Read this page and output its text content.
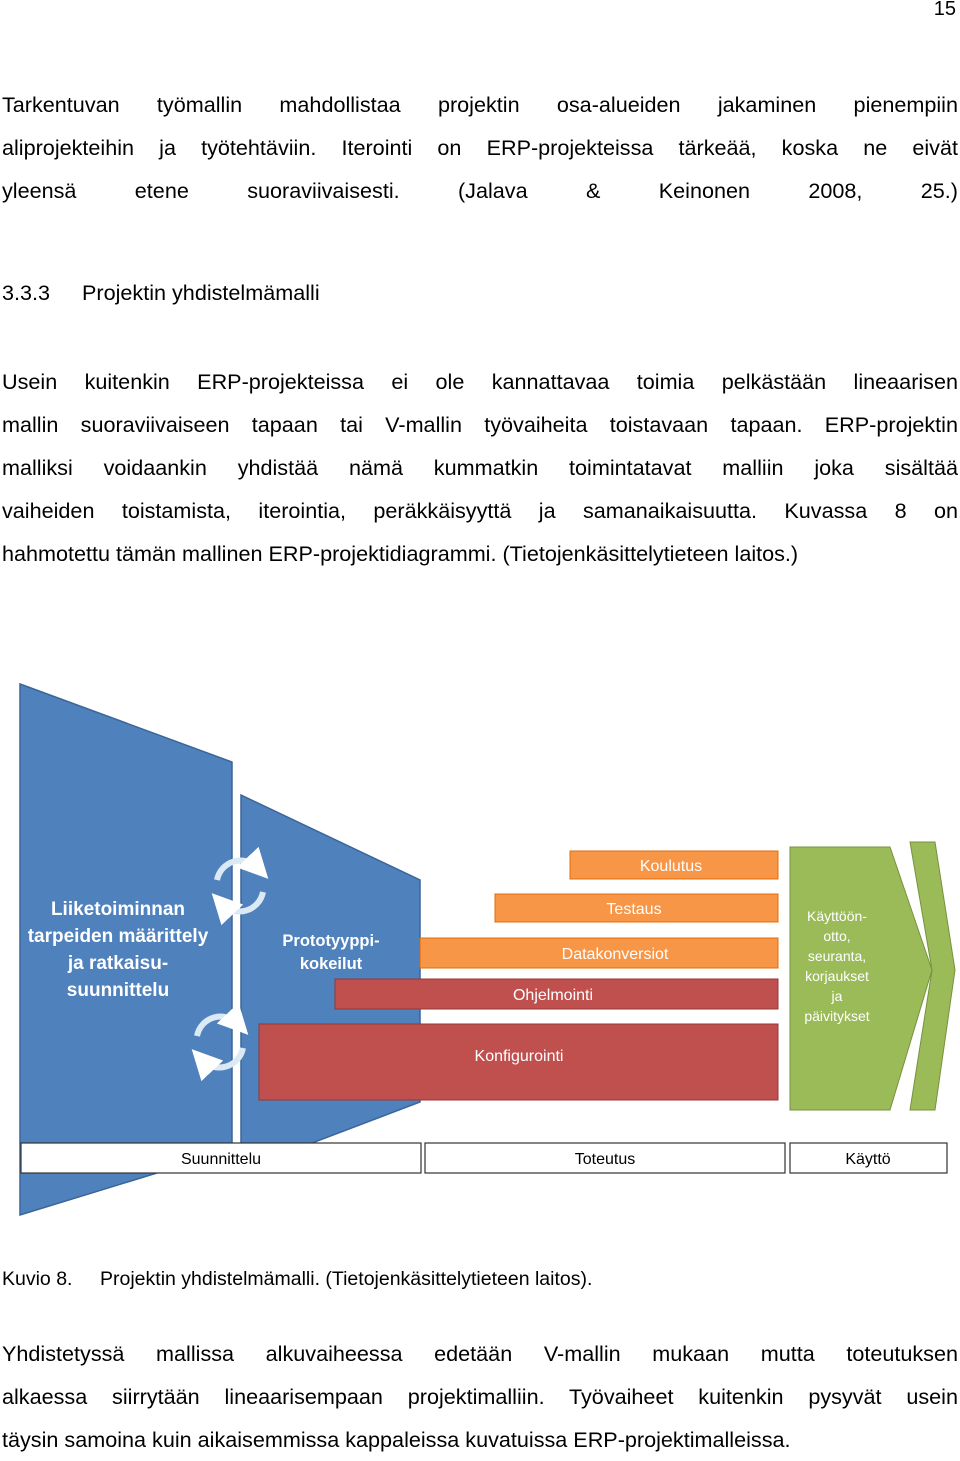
15
Tarkentuvan työmallin mahdollistaa projektin osa-alueiden jakaminen pienempiin
aliprojekteihin ja työtehtäviin. Iterointi on ERP-projekteissa tärkeää, koska ne eivät
yleensä etene suoraviivaisesti. (Jalava & Keinonen 2008, 25.)
3.3.3 Projektin yhdistelmämalli
Usein kuitenkin ERP-projekteissa ei ole kannattavaa toimia pelkästään lineaarisen
mallin suoraviivaiseen tapaan tai V-mallin työvaiheita toistavaan tapaan. ERP-projektin
malliksi voidaankin yhdistää nämä kummatkin toimintatavat malliin joka sisältää
vaiheiden toistamista, iterointia, peräkkäisyyttä ja samanaikaisuutta. Kuvassa 8 on
hahmotettu tämän mallinen ERP-projektidiagrammi. (Tietojenkäsittelytieteen laitos.)
Liiketoiminnan
tarpeiden määrittely
ja ratkaisu-
suunnittelu
Prototyyppi-
kokeilut
Koulutus
Testaus
Datakonversiot
Ohjelmointi
Konfigurointi
Käyttöön-
otto,
seuranta,
korjaukset
ja
päivitykset
Suunnittelu	Toteutus	Käyttö
Kuvio 8. Projektin yhdistelmämalli. (Tietojenkäsittelytieteen laitos).
Yhdistetyssä mallissa alkuvaiheessa edetään V-mallin mukaan mutta toteutuksen
alkaessa siirrytään lineaarisempaan projektimalliin. Työvaiheet kuitenkin pysyvät usein
täysin samoina kuin aikaisemmissa kappaleissa kuvatuissa ERP-projektimalleissa.
